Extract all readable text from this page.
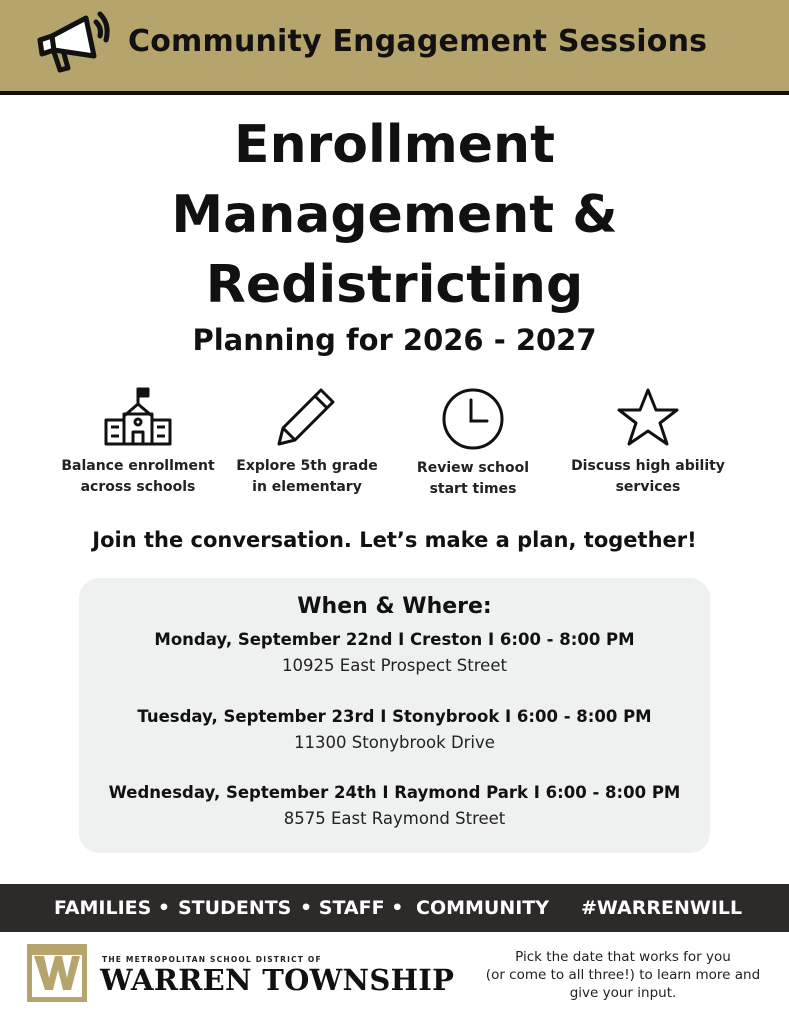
Community Engagement Sessions
Enrollment
Management &
Redistricting
Planning for 2026 - 2027
Balance enrollment
across schools
Explore 5th grade
in elementary
Review school
start times
Discuss high ability
services
Join the conversation. Let’s make a plan, together!
When & Where:
Monday, September 22nd I Creston I 6:00 - 8:00 PM
10925 East Prospect Street
Tuesday, September 23rd I Stonybrook I 6:00 - 8:00 PM
11300 Stonybrook Drive
Wednesday, September 24th I Raymond Park I 6:00 - 8:00 PM
8575 East Raymond Street
FAMILIES • STUDENTS • STAFF • COMMUNITY #WARRENWILL
THE METROPOLITAN SCHOOL DISTRICT OF
WARREN TOWNSHIP
Pick the date that works for you
(or come to all three!) to learn more and
give your input.
